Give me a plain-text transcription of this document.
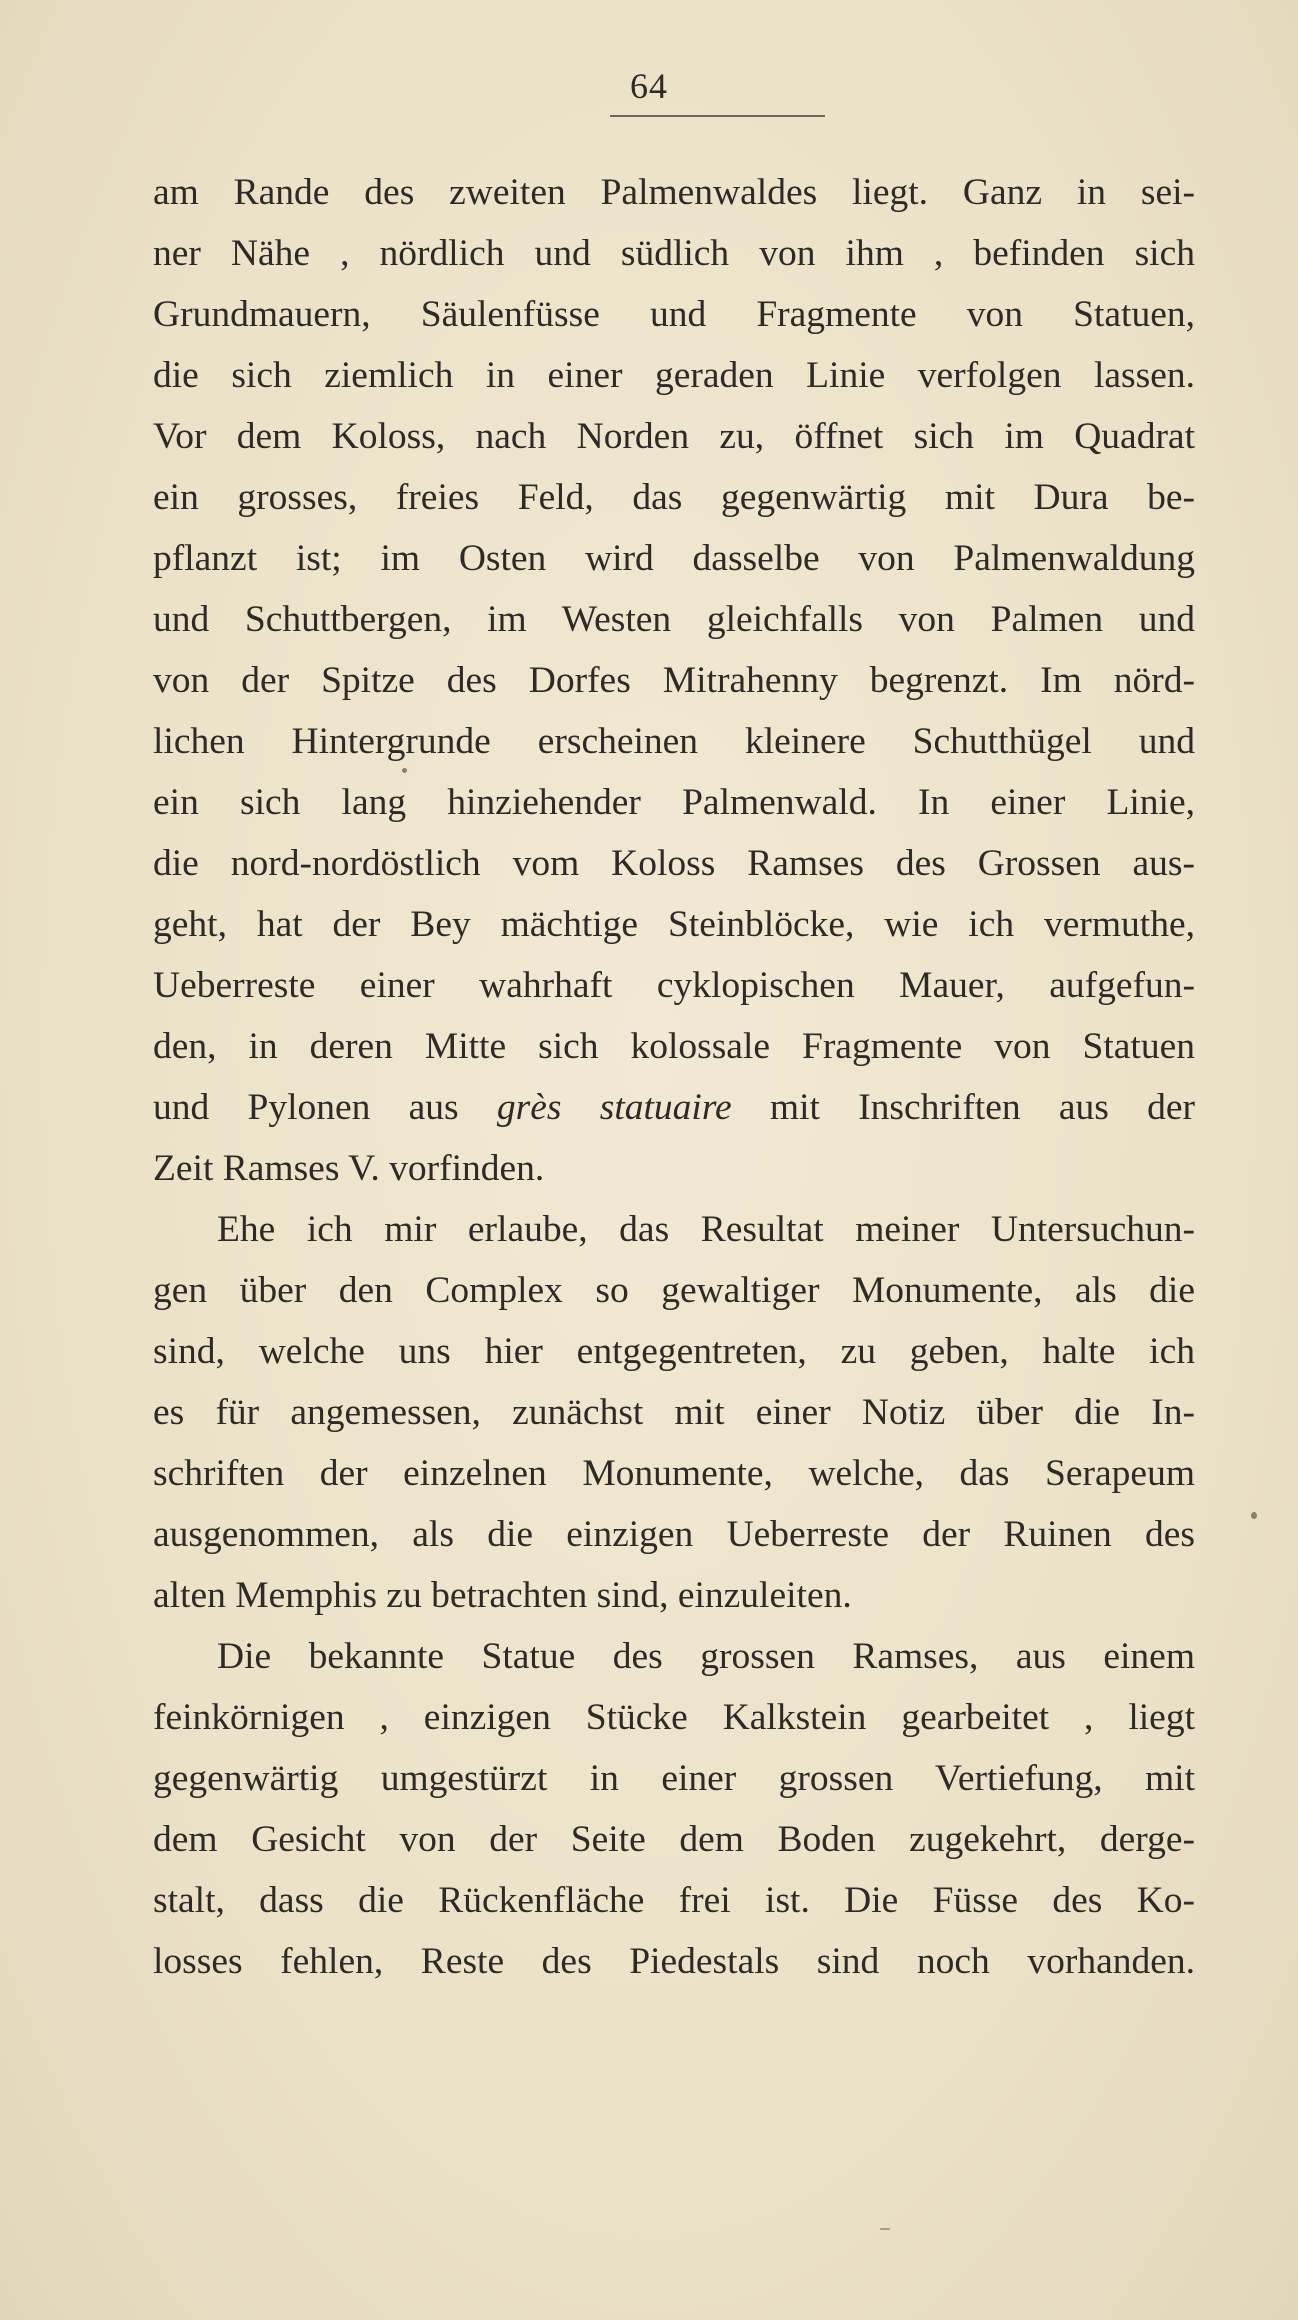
64
am Rande des zweiten Palmenwaldes liegt. Ganz in sei-
ner Nähe , nördlich und südlich von ihm , befinden sich
Grundmauern, Säulenfüsse und Fragmente von Statuen,
die sich ziemlich in einer geraden Linie verfolgen lassen.
Vor dem Koloss, nach Norden zu, öffnet sich im Quadrat
ein grosses, freies Feld, das gegenwärtig mit Dura be-
pflanzt ist; im Osten wird dasselbe von Palmenwaldung
und Schuttbergen, im Westen gleichfalls von Palmen und
von der Spitze des Dorfes Mitrahenny begrenzt. Im nörd-
lichen Hintergrunde erscheinen kleinere Schutthügel und
ein sich lang hinziehender Palmenwald. In einer Linie,
die nord-nordöstlich vom Koloss Ramses des Grossen aus-
geht, hat der Bey mächtige Steinblöcke, wie ich vermuthe,
Ueberreste einer wahrhaft cyklopischen Mauer, aufgefun-
den, in deren Mitte sich kolossale Fragmente von Statuen
und Pylonen aus grès statuaire mit Inschriften aus der
Zeit Ramses V. vorfinden.
Ehe ich mir erlaube, das Resultat meiner Untersuchun-
gen über den Complex so gewaltiger Monumente, als die
sind, welche uns hier entgegentreten, zu geben, halte ich
es für angemessen, zunächst mit einer Notiz über die In-
schriften der einzelnen Monumente, welche, das Serapeum
ausgenommen, als die einzigen Ueberreste der Ruinen des
alten Memphis zu betrachten sind, einzuleiten.
Die bekannte Statue des grossen Ramses, aus einem
feinkörnigen , einzigen Stücke Kalkstein gearbeitet , liegt
gegenwärtig umgestürzt in einer grossen Vertiefung, mit
dem Gesicht von der Seite dem Boden zugekehrt, derge-
stalt, dass die Rückenfläche frei ist. Die Füsse des Ko-
losses fehlen, Reste des Piedestals sind noch vorhanden.
